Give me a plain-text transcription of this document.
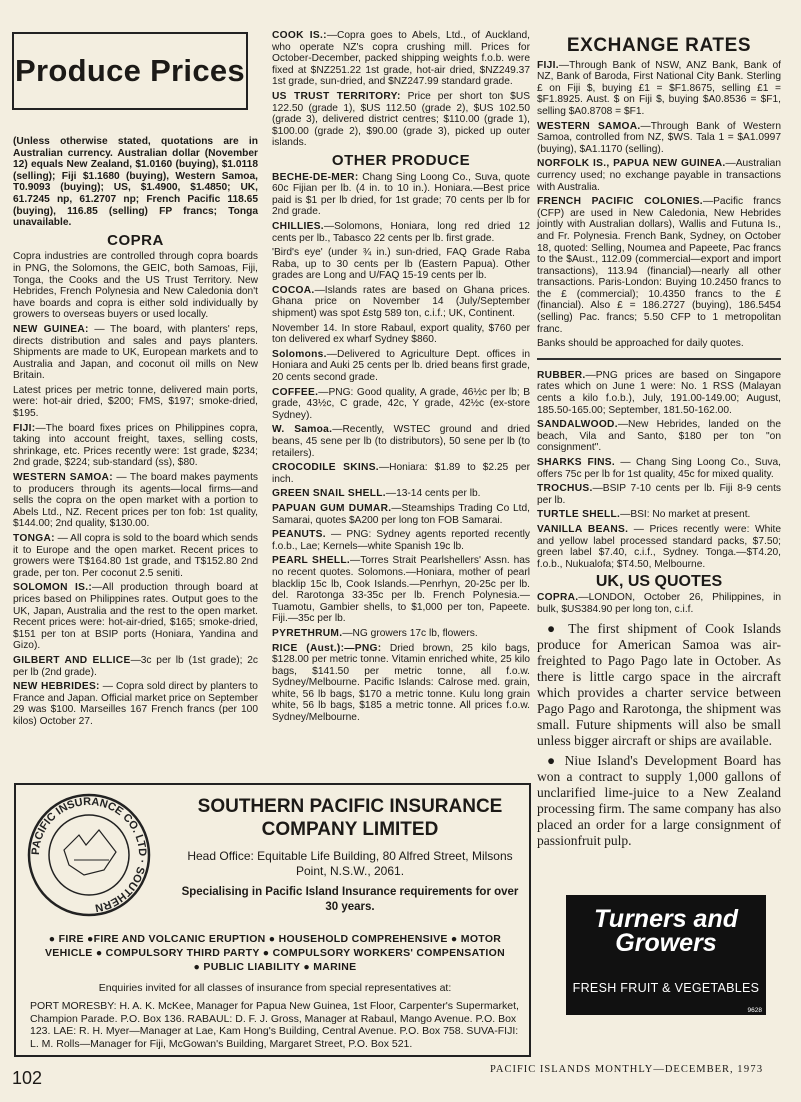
Produce Prices

(Unless otherwise stated, quotations are in Australian currency. Australian dollar (November 12) equals New Zealand, $1.0160 (buying), $1.0118 (selling); Fiji $1.1680 (buying), Western Samoa, T0.9093 (buying); US, $1.4900, $1.4850; UK, 61.7245 np, 61.2707 np; French Pacific 118.65 (buying), 116.85 (selling) FP francs; Tonga unavailable.

COPRA

Copra industries are controlled through copra boards in PNG, the Solomons, the GEIC, both Samoas, Fiji, Tonga, the Cooks and the US Trust Territory. New Hebrides, French Polynesia and New Caledonia don't have boards and copra is either sold individually by growers to overseas buyers or used locally.

NEW GUINEA: — The board, with planters' reps, directs distribution and sales and pays planters. Shipments are made to UK, European markets and to Australia and Japan, and coconut oil mills on New Britain.

Latest prices per metric tonne, delivered main ports, were: hot-air dried, $200; FMS, $197; smoke-dried, $195.

FIJI:—The board fixes prices on Philippines copra, taking into account freight, taxes, selling costs, shrinkage, etc. Prices recently were: 1st grade, $234; 2nd grade, $224; sub-standard (ss), $80.

WESTERN SAMOA: — The board makes payments to producers through its agents—local firms—and sells the copra on the open market with a portion to Abels Ltd., NZ. Recent prices per ton fob: 1st quality, $144.00; 2nd quality, $130.00.

TONGA: — All copra is sold to the board which sends it to Europe and the open market. Recent prices to growers were T$164.80 1st grade, and T$152.80 2nd grade, per ton. Per coconut 2.5 seniti.

SOLOMON IS.:—All production through board at prices based on Philippines rates. Output goes to the UK, Japan, Australia and the rest to the open market. Recent prices were: hot-air-dried, $165; smoke-dried, $151 per ton at BSIP ports (Honiara, Yandina and Gizo).

GILBERT AND ELLICE—3c per lb (1st grade); 2c per lb (2nd grade).

NEW HEBRIDES: — Copra sold direct by planters to France and Japan. Official market price on September 29 was $100. Marseilles 167 French francs (per 100 kilos) October 27.

COOK IS.:—Copra goes to Abels, Ltd., of Auckland, who operate NZ's copra crushing mill. Prices for October-December, packed shipping weights f.o.b. were fixed at $NZ251.22 1st grade, hot-air dried, $NZ249.37 1st grade, sun-dried, and $NZ247.99 standard grade.

US TRUST TERRITORY: Price per short ton $US 122.50 (grade 1), $US 112.50 (grade 2), $US 102.50 (grade 3), delivered district centres; $110.00 (grade 1), $100.00 (grade 2), $90.00 (grade 3), picked up outer islands.

OTHER PRODUCE

BECHE-DE-MER: Chang Sing Loong Co., Suva, quote 60c Fijian per lb. (4 in. to 10 in.). Honiara.—Best price paid is $1 per lb dried, for 1st grade; 70 cents per lb for 2nd grade.

CHILLIES.—Solomons, Honiara, long red dried 12 cents per lb., Tabasco 22 cents per lb. first grade.

'Bird's eye' (under ¾ in.) sun-dried, FAQ Grade Raba Raba, up to 30 cents per lb (Eastern Papua). Other grades are Long and U/FAQ 15-19 cents per lb.

COCOA.—Islands rates are based on Ghana prices. Ghana price on November 14 (July/September shipment) was spot £stg 589 ton, c.i.f.; UK, Continent.

November 14. In store Rabaul, export quality, $760 per ton delivered ex wharf Sydney $860.

Solomons.—Delivered to Agriculture Dept. offices in Honiara and Auki 25 cents per lb. dried beans first grade, 20 cents second grade.

COFFEE.—PNG: Good quality, A grade, 46½c per lb; B grade, 43½c, C grade, 42c, Y grade, 42½c (ex-store Sydney).

W. Samoa.—Recently, WSTEC ground and dried beans, 45 sene per lb (to distributors), 50 sene per lb (to retailers).

CROCODILE SKINS.—Honiara: $1.89 to $2.25 per inch.

GREEN SNAIL SHELL.—13-14 cents per lb.

PAPUAN GUM DUMAR.—Steamships Trading Co Ltd, Samarai, quotes $A200 per long ton FOB Samarai.

PEANUTS. — PNG: Sydney agents reported recently f.o.b., Lae; Kernels—white Spanish 19c lb.

PEARL SHELL.—Torres Strait Pearlshellers' Assn. has no recent quotes. Solomons.—Honiara, mother of pearl blacklip 15c lb, Cook Islands.—Penrhyn, 20-25c per lb. del. Rarotonga 33-35c per lb. French Polynesia.—Tuamotu, Gambier shells, to $1,000 per ton, Papeete. Fiji.—35c per lb.

PYRETHRUM.—NG growers 17c lb, flowers.

RICE (Aust.):—PNG: Dried brown, 25 kilo bags, $128.00 per metric tonne. Vitamin enriched white, 25 kilo bags, $141.50 per metric tonne, all f.o.w. Sydney/Melbourne. Pacific Islands: Calrose med. grain, white, 56 lb bags, $170 a metric tonne. Kulu long grain white, 56 lb bags, $185 a metric tonne. All prices f.o.w. Sydney/Melbourne.

EXCHANGE RATES

FIJI.—Through Bank of NSW, ANZ Bank, Bank of NZ, Bank of Baroda, First National City Bank. Sterling £ on Fiji $, buying £1 = $F1.8675, selling £1 = $F1.8925. Aust. $ on Fiji $, buying $A0.8536 = $F1, selling $A0.8708 = $F1.

WESTERN SAMOA.—Through Bank of Western Samoa, controlled from NZ, $WS. Tala 1 = $A1.0997 (buying), $A1.1170 (selling).

NORFOLK IS., PAPUA NEW GUINEA.—Australian currency used; no exchange payable in transactions with Australia.

FRENCH PACIFIC COLONIES.—Pacific francs (CFP) are used in New Caledonia, New Hebrides jointly with Australian dollars), Wallis and Futuna Is., and Fr. Polynesia. French Bank, Sydney, on October 18, quoted: Selling, Noumea and Papeete, Pac francs to the $Aust., 112.09 (commercial—export and import transactions), 113.94 (financial)—nearly all other transactions. Paris-London: Buying 10.2450 francs to the £ (commercial); 10.4350 francs to the £ (financial). Also £ = 186.2727 (buying), 186.5454 (selling) Pac. francs; 5.50 CFP to 1 metropolitan franc.

Banks should be approached for daily quotes.

RUBBER.—PNG prices are based on Singapore rates which on June 1 were: No. 1 RSS (Malayan cents a kilo f.o.b.), July, 191.00-149.00; August, 185.50-165.00; September, 181.50-162.00.

SANDALWOOD.—New Hebrides, landed on the beach, Vila and Santo, $180 per ton "on consignment".

SHARKS FINS. — Chang Sing Loong Co., Suva, offers 75c per lb for 1st quality, 45c for mixed quality.

TROCHUS.—BSIP 7-10 cents per lb. Fiji 8-9 cents per lb.

TURTLE SHELL.—BSI: No market at present.

VANILLA BEANS. — Prices recently were: White and yellow label processed standard packs, $7.50; green label $7.40, c.i.f., Sydney. Tonga.—$T4.20, f.o.b., Nukualofa; $T4.50, Melbourne.

UK, US QUOTES

COPRA.—LONDON, October 26, Philippines, in bulk, $US384.90 per long ton, c.i.f.

● The first shipment of Cook Islands produce for American Samoa was air-freighted to Pago Pago late in October. As there is little cargo space in the aircraft which provides a charter service between Pago Pago and Rarotonga, the shipment was small. Future shipments will also be small unless bigger aircraft or ships are available.

● Niue Island's Development Board has won a contract to supply 1,000 gallons of unclarified lime-juice to a New Zealand processing firm. The same company has also placed an order for a large consignment of passionfruit pulp.

PACIFIC INSURANCE CO. LTD · SOUTHERN
SOUTHERN PACIFIC INSURANCE COMPANY LIMITED
Head Office: Equitable Life Building, 80 Alfred Street, Milsons Point, N.S.W., 2061.
Specialising in Pacific Island Insurance requirements for over 30 years.
● FIRE ●FIRE AND VOLCANIC ERUPTION ● HOUSEHOLD COMPREHENSIVE ● MOTOR
VEHICLE ● COMPULSORY THIRD PARTY ● COMPULSORY WORKERS' COMPENSATION
● PUBLIC LIABILITY ● MARINE
Enquiries invited for all classes of insurance from special representatives at:
PORT MORESBY: H. A. K. McKee, Manager for Papua New Guinea, 1st Floor, Carpenter's Supermarket, Champion Parade. P.O. Box 136. RABAUL: D. F. J. Gross, Manager at Rabaul, Mango Avenue. P.O. Box 123. LAE: R. H. Myer—Manager at Lae, Kam Hong's Building, Central Avenue. P.O. Box 758. SUVA-FIJI: L. M. Rolls—Manager for Fiji, McGowan's Building, Margaret Street, P.O. Box 521.
Turners and
Growers
FRESH FRUIT & VEGETABLES
9628
102	PACIFIC ISLANDS MONTHLY—DECEMBER, 1973
